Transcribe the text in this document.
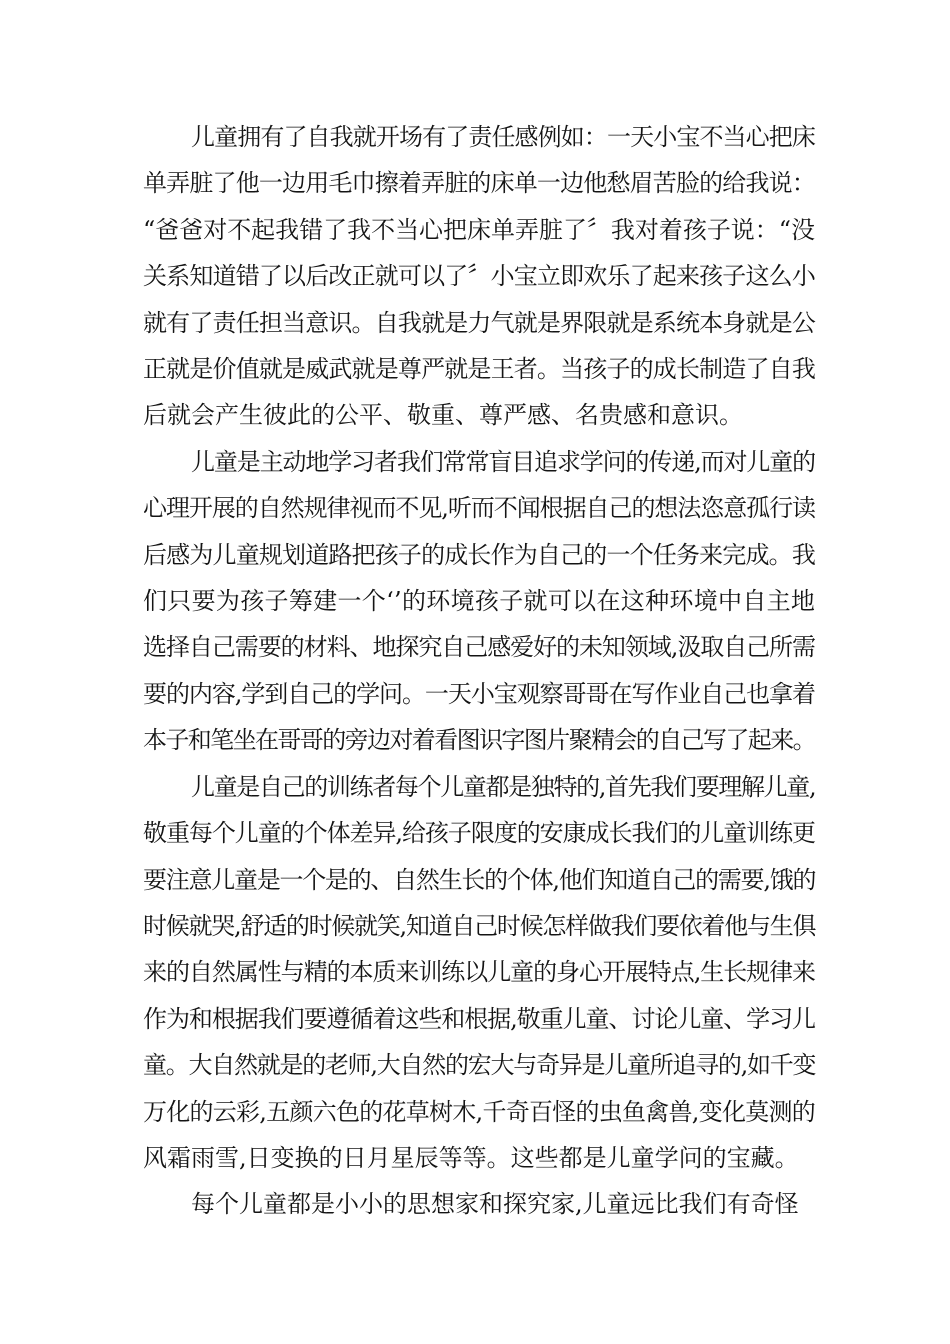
儿童拥有了自我就开场有了责任感例如：一天小宝不当心把床
单弄脏了他一边用毛巾擦着弄脏的床单一边他愁眉苦脸的给我说：
“爸爸对不起我错了我不当心把床单弄脏了〞我对着孩子说：“没
关系知道错了以后改正就可以了〞小宝立即欢乐了起来孩子这么小
就有了责任担当意识。自我就是力气就是界限就是系统本身就是公
正就是价值就是威武就是尊严就是王者。当孩子的成长制造了自我
后就会产生彼此的公平、敬重、尊严感、名贵感和意识。

儿童是主动地学习者我们常常盲目追求学问的传递,而对儿童的
心理开展的自然规律视而不见,听而不闻根据自己的想法恣意孤行读
后感为儿童规划道路把孩子的成长作为自己的一个任务来完成。我
们只要为孩子筹建一个‘’的环境孩子就可以在这种环境中自主地
选择自己需要的材料、地探究自己感爱好的未知领域,汲取自己所需
要的内容,学到自己的学问。一天小宝观察哥哥在写作业自己也拿着
本子和笔坐在哥哥的旁边对着看图识字图片聚精会的自己写了起来。

儿童是自己的训练者每个儿童都是独特的,首先我们要理解儿童,
敬重每个儿童的个体差异,给孩子限度的安康成长我们的儿童训练更
要注意儿童是一个是的、自然生长的个体,他们知道自己的需要,饿的
时候就哭,舒适的时候就笑,知道自己时候怎样做我们要依着他与生俱
来的自然属性与精的本质来训练以儿童的身心开展特点,生长规律来
作为和根据我们要遵循着这些和根据,敬重儿童、讨论儿童、学习儿
童。大自然就是的老师,大自然的宏大与奇异是儿童所追寻的,如千变
万化的云彩,五颜六色的花草树木,千奇百怪的虫鱼禽兽,变化莫测的
风霜雨雪,日变换的日月星辰等等。这些都是儿童学问的宝藏。

每个儿童都是小小的思想家和探究家,儿童远比我们有奇怪
